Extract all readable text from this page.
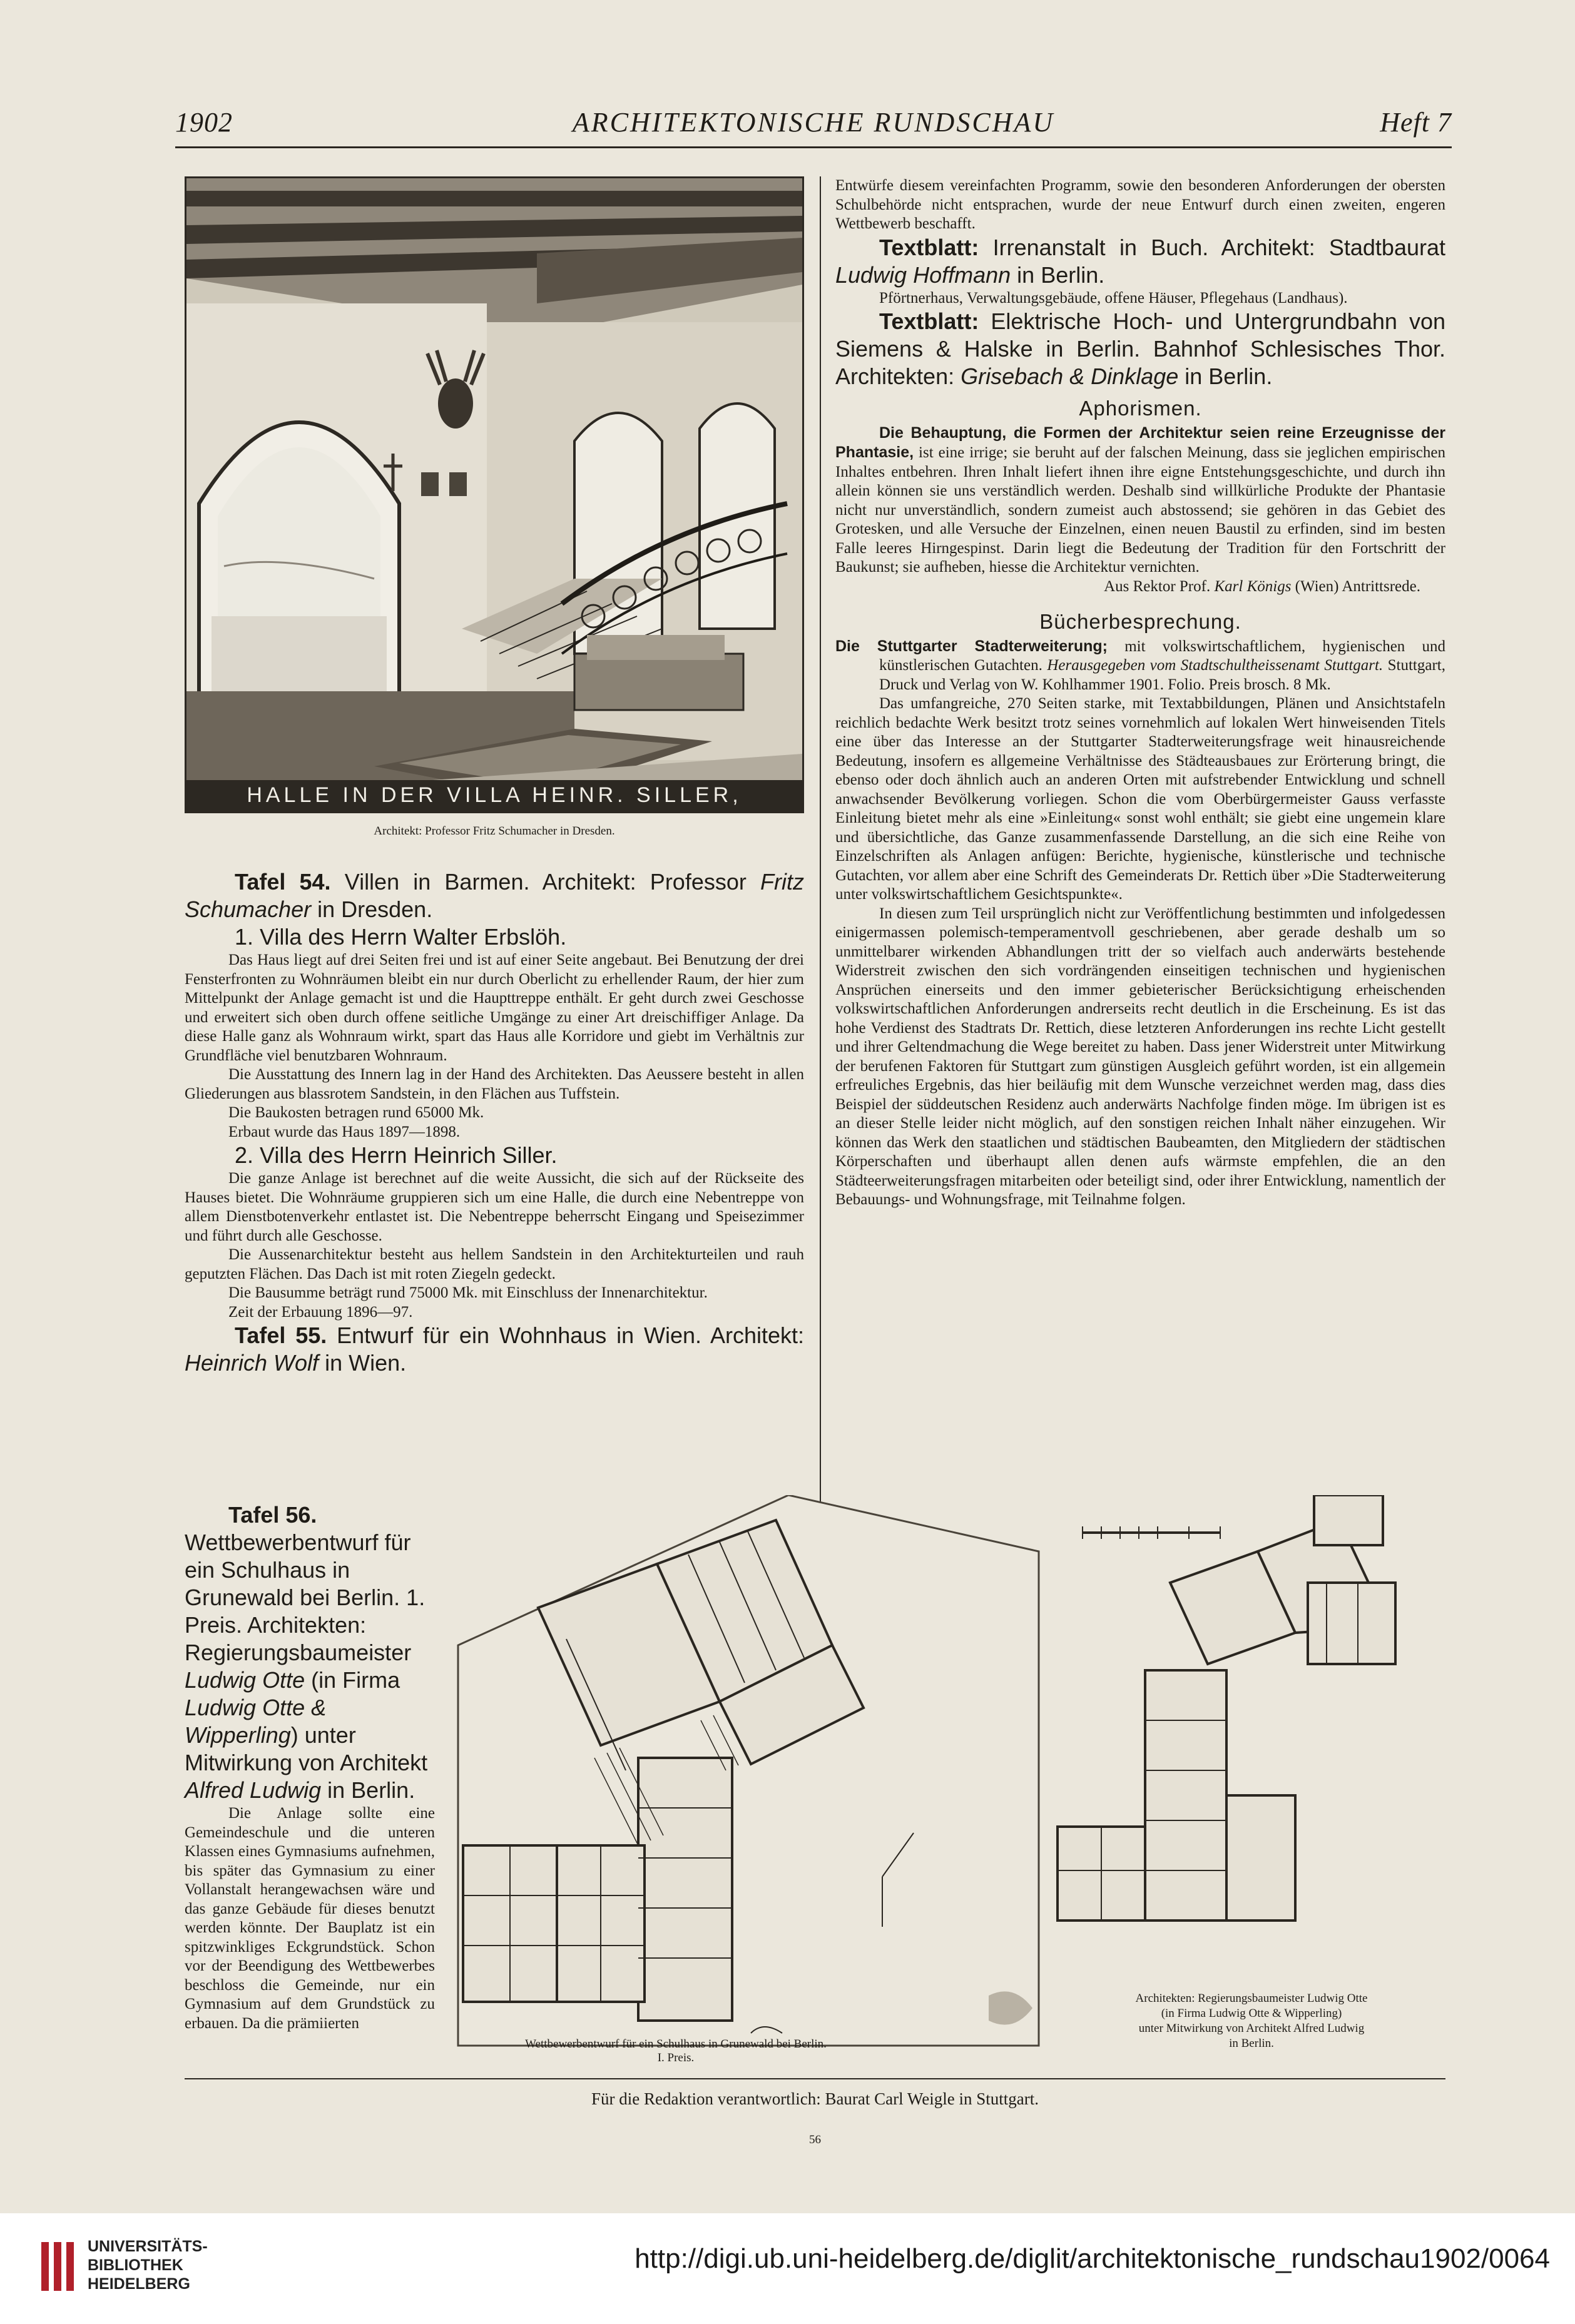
ARCHITEKTONISCHE RUNDSCHAU
1902	Heft 7
HALLE IN DER VILLA HEINR. SILLER,
Architekt: Professor Fritz Schumacher in Dresden.

Tafel 54. Villen in Barmen. Architekt: Professor Fritz Schumacher in Dresden.

1. Villa des Herrn Walter Erbslöh.

Das Haus liegt auf drei Seiten frei und ist auf einer Seite angebaut. Bei Benutzung der drei Fensterfronten zu Wohnräumen bleibt ein nur durch Oberlicht zu erhellender Raum, der hier zum Mittelpunkt der Anlage gemacht ist und die Haupttreppe enthält. Er geht durch zwei Geschosse und erweitert sich oben durch offene seitliche Umgänge zu einer Art dreischiffiger Anlage. Da diese Halle ganz als Wohnraum wirkt, spart das Haus alle Korridore und giebt im Verhältnis zur Grundfläche viel benutzbaren Wohnraum.

Die Ausstattung des Innern lag in der Hand des Architekten. Das Aeussere besteht in allen Gliederungen aus blassrotem Sandstein, in den Flächen aus Tuffstein.

Die Baukosten betragen rund 65000 Mk.

Erbaut wurde das Haus 1897—1898.

2. Villa des Herrn Heinrich Siller.

Die ganze Anlage ist berechnet auf die weite Aussicht, die sich auf der Rückseite des Hauses bietet. Die Wohnräume gruppieren sich um eine Halle, die durch eine Nebentreppe von allem Dienstbotenverkehr entlastet ist. Die Nebentreppe beherrscht Eingang und Speisezimmer und führt durch alle Geschosse.

Die Aussenarchitektur besteht aus hellem Sandstein in den Architekturteilen und rauh geputzten Flächen. Das Dach ist mit roten Ziegeln gedeckt.

Die Bausumme beträgt rund 75000 Mk. mit Einschluss der Innenarchitektur.

Zeit der Erbauung 1896—97.

Tafel 55. Entwurf für ein Wohnhaus in Wien. Architekt: Heinrich Wolf in Wien.

Tafel 56. Wettbewerbentwurf für ein Schulhaus in Grunewald bei Berlin. 1. Preis. Architekten: Regierungsbaumeister Ludwig Otte (in Firma Ludwig Otte & Wipperling) unter Mitwirkung von Architekt Alfred Ludwig in Berlin.

Die Anlage sollte eine Gemeindeschule und die unteren Klassen eines Gymnasiums aufnehmen, bis später das Gymnasium zu einer Vollanstalt herangewachsen wäre und das ganze Gebäude für dieses benutzt werden könnte. Der Bauplatz ist ein spitzwinkliges Eckgrundstück. Schon vor der Beendigung des Wettbewerbes beschloss die Gemeinde, nur ein Gymnasium auf dem Grundstück zu erbauen. Da die prämiierten

Entwürfe diesem vereinfachten Programm, sowie den besonderen Anforderungen der obersten Schulbehörde nicht entsprachen, wurde der neue Entwurf durch einen zweiten, engeren Wettbewerb beschafft.

Textblatt: Irrenanstalt in Buch. Architekt: Stadtbaurat Ludwig Hoffmann in Berlin.

Pförtnerhaus, Verwaltungsgebäude, offene Häuser, Pflegehaus (Landhaus).

Textblatt: Elektrische Hoch- und Untergrundbahn von Siemens & Halske in Berlin. Bahnhof Schlesisches Thor. Architekten: Grisebach & Dinklage in Berlin.

Aphorismen.

Die Behauptung, die Formen der Architektur seien reine Erzeugnisse der Phantasie, ist eine irrige; sie beruht auf der falschen Meinung, dass sie jeglichen empirischen Inhaltes entbehren. Ihren Inhalt liefert ihnen ihre eigne Entstehungsgeschichte, und durch ihn allein können sie uns verständlich werden. Deshalb sind willkürliche Produkte der Phantasie nicht nur unverständlich, sondern zumeist auch abstossend; sie gehören in das Gebiet des Grotesken, und alle Versuche der Einzelnen, einen neuen Baustil zu erfinden, sind im besten Falle leeres Hirngespinst. Darin liegt die Bedeutung der Tradition für den Fortschritt der Baukunst; sie aufheben, hiesse die Architektur vernichten.

Aus Rektor Prof. Karl Königs (Wien) Antrittsrede.

Bücherbesprechung.

Die Stuttgarter Stadterweiterung; mit volkswirtschaftlichem, hygienischen und künstlerischen Gutachten. Herausgegeben vom Stadtschultheissenamt Stuttgart. Stuttgart, Druck und Verlag von W. Kohlhammer 1901. Folio. Preis brosch. 8 Mk.

Das umfangreiche, 270 Seiten starke, mit Textabbildungen, Plänen und Ansichtstafeln reichlich bedachte Werk besitzt trotz seines vornehmlich auf lokalen Wert hinweisenden Titels eine über das Interesse an der Stuttgarter Stadterweiterungsfrage weit hinausreichende Bedeutung, insofern es allgemeine Verhältnisse des Städteausbaues zur Erörterung bringt, die ebenso oder doch ähnlich auch an anderen Orten mit aufstrebender Entwicklung und schnell anwachsender Bevölkerung vorliegen. Schon die vom Oberbürgermeister Gauss verfasste Einleitung bietet mehr als eine »Einleitung« sonst wohl enthält; sie giebt eine ungemein klare und übersichtliche, das Ganze zusammenfassende Darstellung, an die sich eine Reihe von Einzelschriften als Anlagen anfügen: Berichte, hygienische, künstlerische und technische Gutachten, vor allem aber eine Schrift des Gemeinderats Dr. Rettich über »Die Stadterweiterung unter volkswirtschaftlichem Gesichtspunkte«.

In diesen zum Teil ursprünglich nicht zur Veröffentlichung bestimmten und infolgedessen einigermassen polemisch-temperamentvoll geschriebenen, aber gerade deshalb um so unmittelbarer wirkenden Abhandlungen tritt der so vielfach auch anderwärts bestehende Widerstreit zwischen den sich vordrängenden einseitigen technischen und hygienischen Ansprüchen einerseits und den immer gebieterischer Berücksichtigung erheischenden volkswirtschaftlichen Anforderungen andrerseits recht deutlich in die Erscheinung. Es ist das hohe Verdienst des Stadtrats Dr. Rettich, diese letzteren Anforderungen ins rechte Licht gestellt und ihrer Geltendmachung die Wege bereitet zu haben. Dass jener Widerstreit unter Mitwirkung der berufenen Faktoren für Stuttgart zum günstigen Ausgleich geführt worden, ist ein allgemein erfreuliches Ergebnis, das hier beiläufig mit dem Wunsche verzeichnet werden mag, dass dies Beispiel der süddeutschen Residenz auch anderwärts Nachfolge finden möge. Im übrigen ist es an dieser Stelle leider nicht möglich, auf den sonstigen reichen Inhalt näher einzugehen. Wir können das Werk den staatlichen und städtischen Baubeamten, den Mitgliedern der städtischen Körperschaften und überhaupt allen denen aufs wärmste empfehlen, die an den Städteerweiterungsfragen mitarbeiten oder beteiligt sind, oder ihrer Entwicklung, namentlich der Bebauungs- und Wohnungsfrage, mit Teilnahme folgen.

Wettbewerbentwurf für ein Schulhaus in Grunewald bei Berlin.
I. Preis.
Architekten: Regierungsbaumeister Ludwig Otte
(in Firma Ludwig Otte & Wipperling)
unter Mitwirkung von Architekt Alfred Ludwig
in Berlin.
Für die Redaktion verantwortlich: Baurat Carl Weigle in Stuttgart.
56
UNIVERSITÄTS-
BIBLIOTHEK
HEIDELBERG
http://digi.ub.uni-heidelberg.de/diglit/architektonische_rundschau1902/0064
